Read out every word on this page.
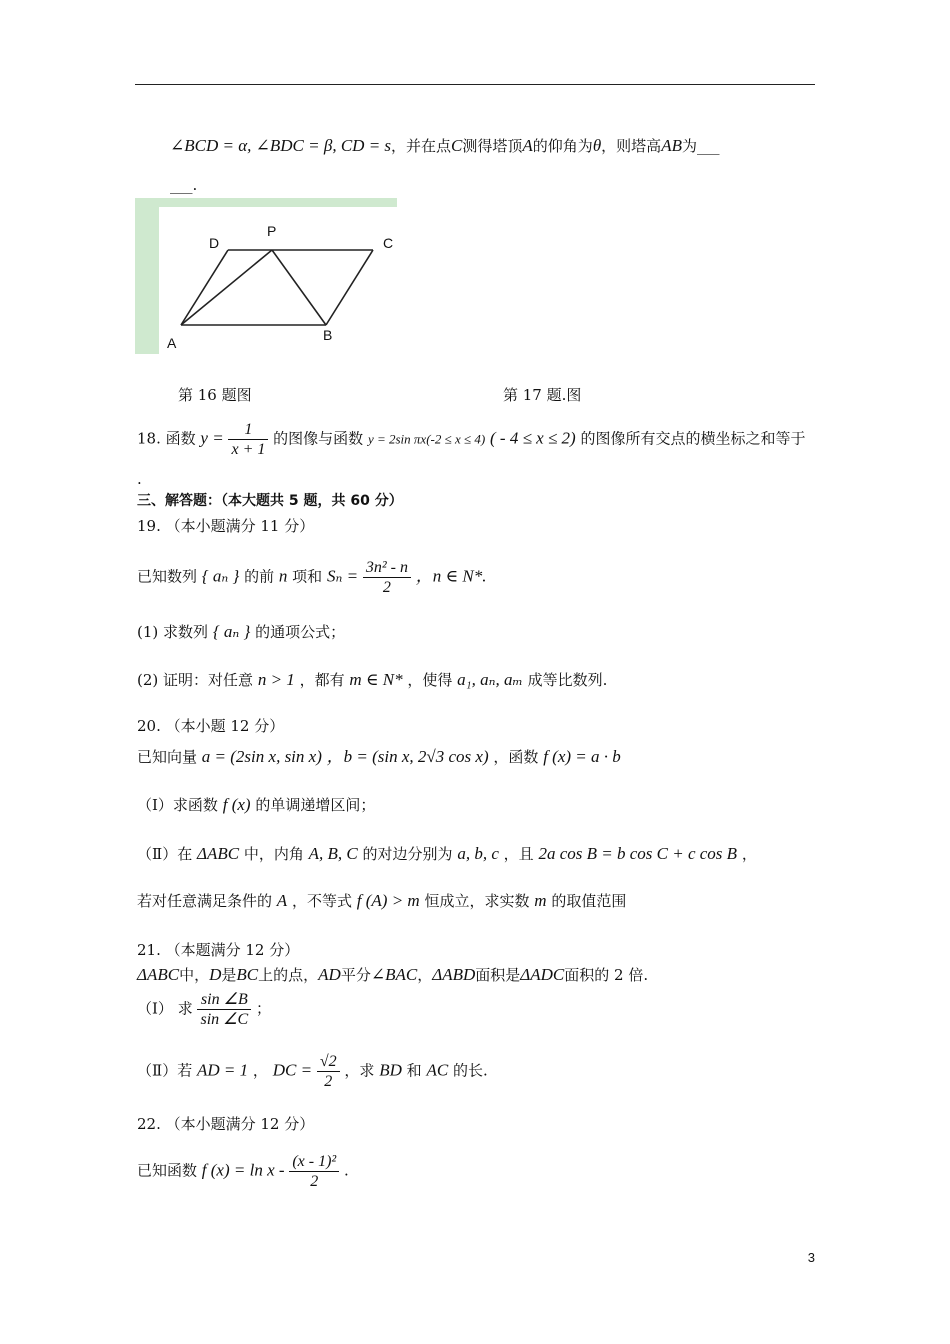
∠BCD = α, ∠BDC = β, CD = s，并在点C测得塔顶A的仰角为θ，则塔高AB为___
___.
D
P
C
A	B
第 16 题图	第 17 题.图
18. 函数 $y = \frac{1}{x + 1}$ 的图像与函数 y = 2sin πx(-2 ≤ x ≤ 4) ( - 4 ≤ x ≤ 2) 的图像所有交点的横坐标之和等于
.
三、解答题：（本大题共 5 题，共 60 分）
19. （本小题满分 11 分）
已知数列 { aₙ } 的前 n 项和 $S_n = \frac{\text{3n² - n}}{2}$ ，n ∈ N*.
(1) 求数列 { aₙ } 的通项公式；
(2) 证明：对任意 n > 1 ，都有 m ∈ N* ，使得 a₁, aₙ, aₘ 成等比数列.
20. （本小题 12 分）
已知向量 a = (2sin x, sin x) ，b = (sin x, 2√3 cos x) ，函数 f (x) = a · b
（Ⅰ）求函数 f (x) 的单调递增区间；
（Ⅱ）在 ΔABC 中，内角 A, B, C 的对边分别为 a, b, c ，且 2a cos B = b cos C + c cos B ，
若对任意满足条件的 A ，不等式 f (A) > m 恒成立，求实数 m 的取值范围
21. （本题满分 12 分）
ΔABC中，D是BC上的点，AD平分∠BAC，ΔABD面积是ΔADC面积的 2 倍.
（Ⅰ） 求 $\frac{\sin \angle B}{\sin \angle C}$ ；
（Ⅱ）若 AD = 1 ， DC = $\frac{√2}{2}$ ，求 BD 和 AC 的长.
22. （本小题满分 12 分）
已知函数 f $(x) = \ln x - \frac{\text{(x - 1)²}}{2}$ .
3
